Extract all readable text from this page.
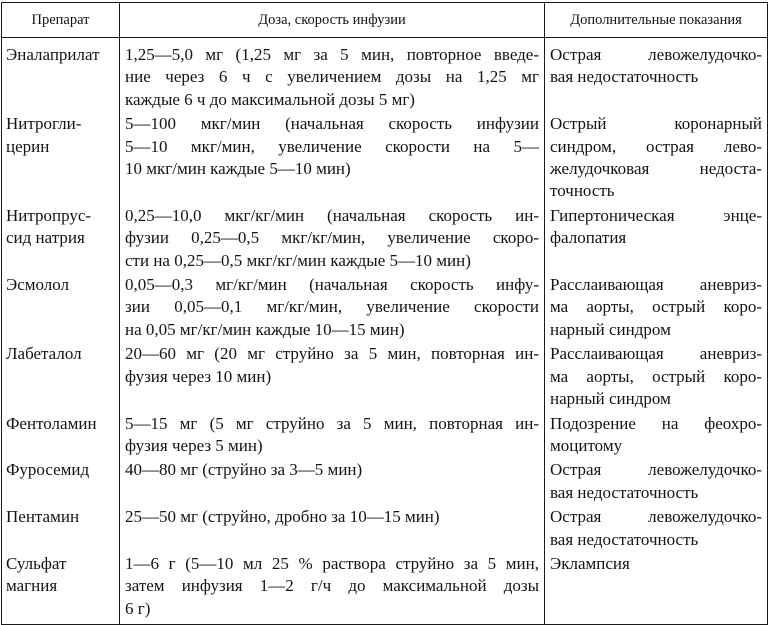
Препарат	Доза, скорость инфузии	Дополнительные показания

Эналаприлат	1,25—5,0 мг (1,25 мг за 5 мин, повторное введе-
ние через 6 ч с увеличением дозы на 1,25 мг
каждые 6 ч до максимальной дозы 5 мг)	Острая левожелудочко-
вая недостаточность

Нитрогли-
церин	5—100 мкг/мин (начальная скорость инфузии
5—10 мкг/мин, увеличение скорости на 5—
10 мкг/мин каждые 5—10 мин)	Острый коронарный
синдром, острая лево-
желудочковая недоста-
точность

Нитропрус-
сид натрия	0,25—10,0 мкг/кг/мин (начальная скорость ин-
фузии 0,25—0,5 мкг/кг/мин, увеличение скоро-
сти на 0,25—0,5 мкг/кг/мин каждые 5—10 мин)	Гипертоническая энце-
фалопатия

Эсмолол	0,05—0,3 мг/кг/мин (начальная скорость инфу-
зии 0,05—0,1 мг/кг/мин, увеличение скорости
на 0,05 мг/кг/мин каждые 10—15 мин)	Расслаивающая аневриз-
ма аорты, острый коро-
нарный синдром

Лабеталол	20—60 мг (20 мг струйно за 5 мин, повторная ин-
фузия через 10 мин)	Расслаивающая аневриз-
ма аорты, острый коро-
нарный синдром

Фентоламин	5—15 мг (5 мг струйно за 5 мин, повторная ин-
фузия через 5 мин)	Подозрение на феохро-
моцитому

Фуросемид	40—80 мг (струйно за 3—5 мин)	Острая левожелудочко-
вая недостаточность

Пентамин	25—50 мг (струйно, дробно за 10—15 мин)	Острая левожелудочко-
вая недостаточность

Сульфат
магния	1—6 г (5—10 мл 25 % раствора струйно за 5 мин,
затем инфузия 1—2 г/ч до максимальной дозы
6 г)	Эклампсия
